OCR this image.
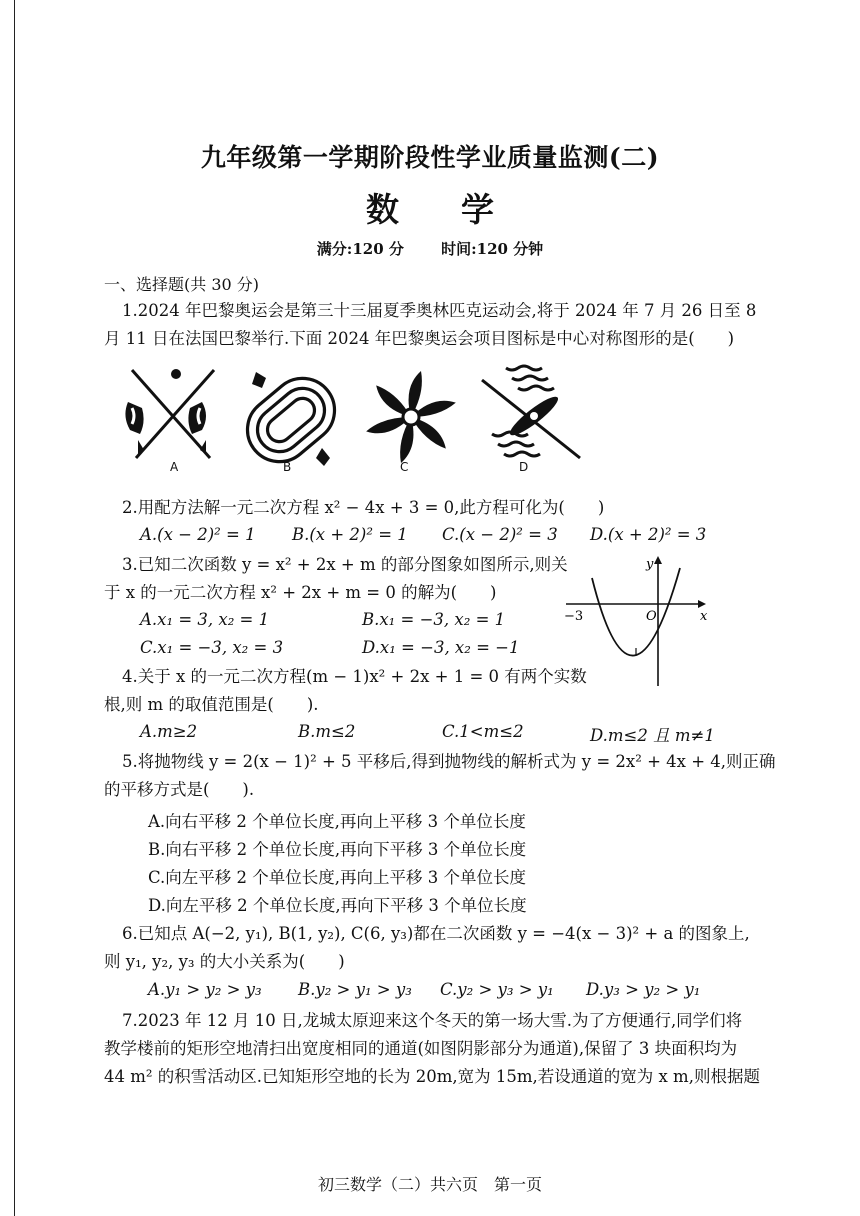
九年级第一学期阶段性学业质量监测(二)
数学
满分:120 分 时间:120 分钟
一、选择题(共 30 分)
1.2024 年巴黎奥运会是第三十三届夏季奥林匹克运动会,将于 2024 年 7 月 26 日至 8
月 11 日在法国巴黎举行.下面 2024 年巴黎奥运会项目图标是中心对称图形的是(　　)
A	B	C	D
2.用配方法解一元二次方程 x² − 4x + 3 = 0,此方程可化为(　　)
A.(x − 2)² = 1 B.(x + 2)² = 1 C.(x − 2)² = 3 D.(x + 2)² = 3
3.已知二次函数 y = x² + 2x + m 的部分图象如图所示,则关
于 x 的一元二次方程 x² + 2x + m = 0 的解为(　　)
A.x₁ = 3, x₂ = 1	B.x₁ = −3, x₂ = 1
C.x₁ = −3, x₂ = 3	D.x₁ = −3, x₂ = −1
y
x
O
−3
4.关于 x 的一元二次方程(m − 1)x² + 2x + 1 = 0 有两个实数
根,则 m 的取值范围是(　　).
A.m≥2	B.m≤2	C.1<m≤2	D.m≤2 且 m≠1
5.将抛物线 y = 2(x − 1)² + 5 平移后,得到抛物线的解析式为 y = 2x² + 4x + 4,则正确
的平移方式是(　　).
A.向右平移 2 个单位长度,再向上平移 3 个单位长度
B.向右平移 2 个单位长度,再向下平移 3 个单位长度
C.向左平移 2 个单位长度,再向上平移 3 个单位长度
D.向左平移 2 个单位长度,再向下平移 3 个单位长度
6.已知点 A(−2, y₁), B(1, y₂), C(6, y₃)都在二次函数 y = −4(x − 3)² + a 的图象上,
则 y₁, y₂, y₃ 的大小关系为(　　)
A.y₁ > y₂ > y₃ B.y₂ > y₁ > y₃ C.y₂ > y₃ > y₁ D.y₃ > y₂ > y₁
7.2023 年 12 月 10 日,龙城太原迎来这个冬天的第一场大雪.为了方便通行,同学们将
教学楼前的矩形空地清扫出宽度相同的通道(如图阴影部分为通道),保留了 3 块面积均为
44 m² 的积雪活动区.已知矩形空地的长为 20m,宽为 15m,若设通道的宽为 x m,则根据题
初三数学（二）共六页　第一页
